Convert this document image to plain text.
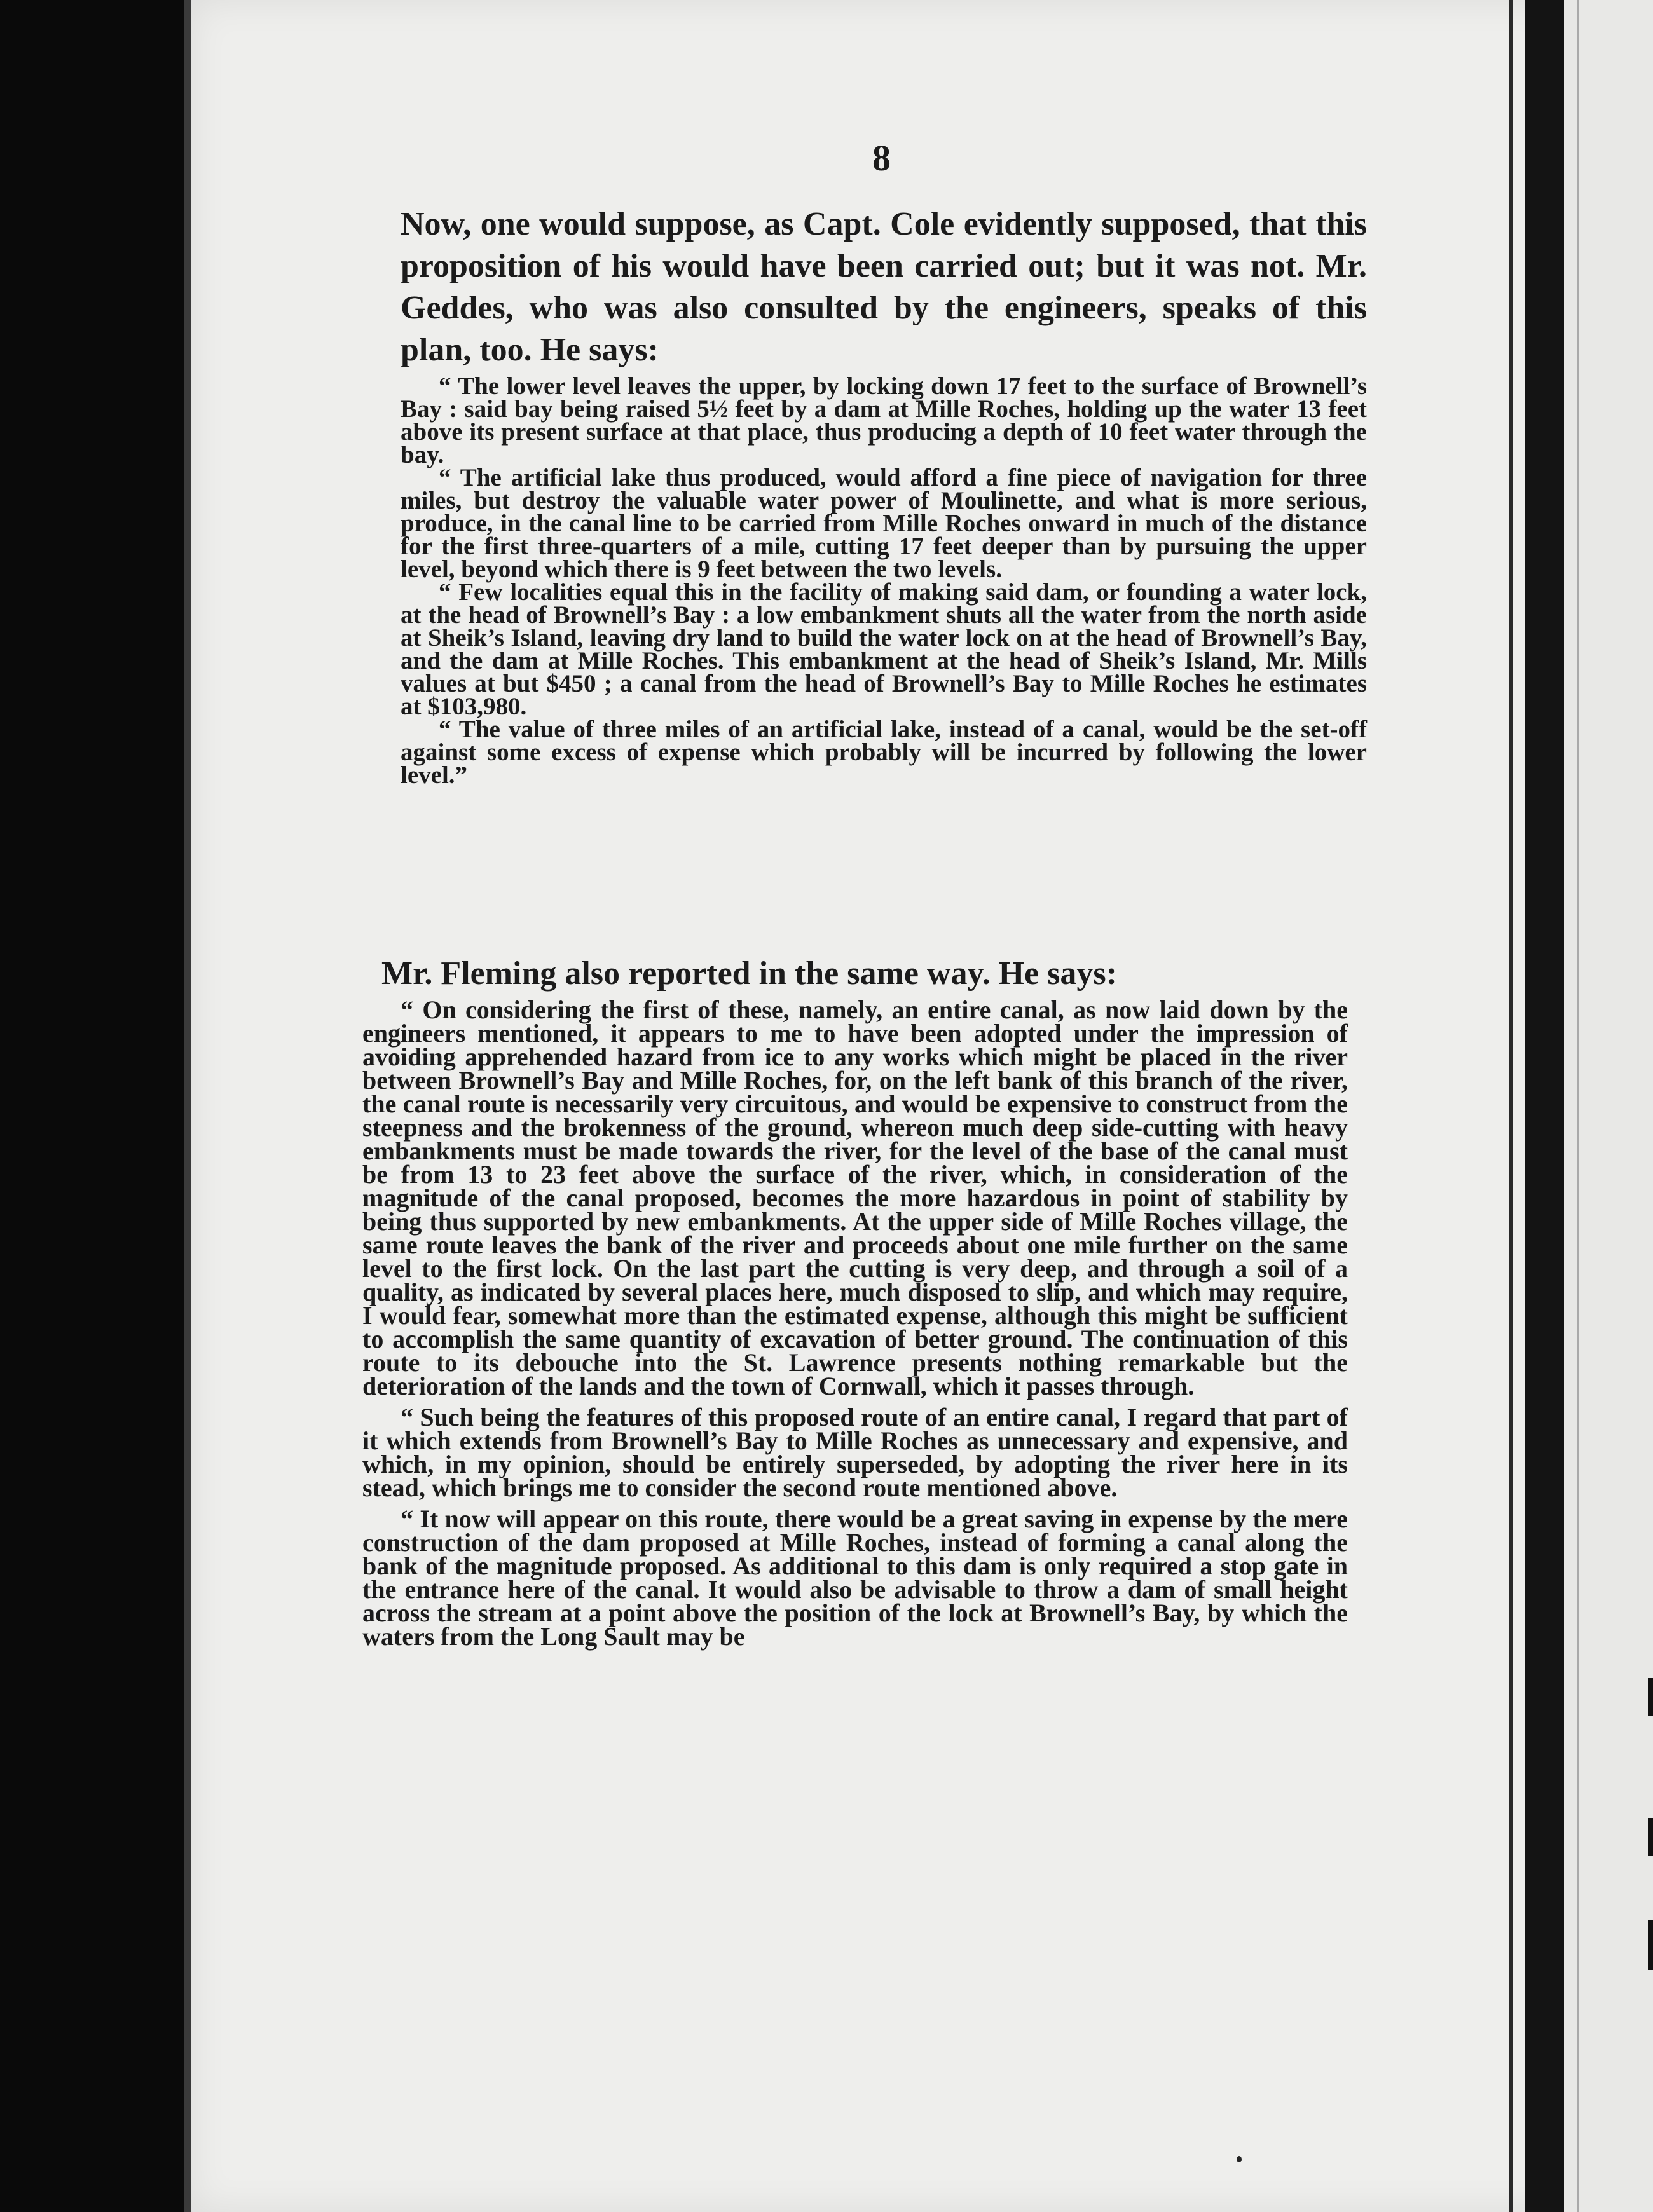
8
Now, one would suppose, as Capt. Cole evidently supposed, that this proposition of his would have been carried out; but it was not. Mr. Geddes, who was also consulted by the engineers, speaks of this plan, too. He says:

“ The lower level leaves the upper, by locking down 17 feet to the surface of Brownell’s Bay : said bay being raised 5½ feet by a dam at Mille Roches, holding up the water 13 feet above its present surface at that place, thus producing a depth of 10 feet water through the bay.

“ The artificial lake thus produced, would afford a fine piece of navigation for three miles, but destroy the valuable water power of Moulinette, and what is more serious, produce, in the canal line to be carried from Mille Roches onward in much of the distance for the first three-quarters of a mile, cutting 17 feet deeper than by pursuing the upper level, beyond which there is 9 feet between the two levels.

“ Few localities equal this in the facility of making said dam, or founding a water lock, at the head of Brownell’s Bay : a low embankment shuts all the water from the north aside at Sheik’s Island, leaving dry land to build the water lock on at the head of Brownell’s Bay, and the dam at Mille Roches. This embankment at the head of Sheik’s Island, Mr. Mills values at but $450 ; a canal from the head of Brownell’s Bay to Mille Roches he estimates at $103,980.

“ The value of three miles of an artificial lake, instead of a canal, would be the set-off against some excess of expense which probably will be incurred by following the lower level.”

Mr. Fleming also reported in the same way. He says:

“ On considering the first of these, namely, an entire canal, as now laid down by the engineers mentioned, it appears to me to have been adopted under the impression of avoiding apprehended hazard from ice to any works which might be placed in the river between Brownell’s Bay and Mille Roches, for, on the left bank of this branch of the river, the canal route is necessarily very circuitous, and would be expensive to construct from the steepness and the brokenness of the ground, whereon much deep side-cutting with heavy embankments must be made towards the river, for the level of the base of the canal must be from 13 to 23 feet above the surface of the river, which, in consideration of the magnitude of the canal proposed, becomes the more hazardous in point of stability by being thus supported by new embankments. At the upper side of Mille Roches village, the same route leaves the bank of the river and proceeds about one mile further on the same level to the first lock. On the last part the cutting is very deep, and through a soil of a quality, as indicated by several places here, much disposed to slip, and which may require, I would fear, somewhat more than the estimated expense, although this might be sufficient to accomplish the same quantity of excavation of better ground. The continuation of this route to its debouche into the St. Lawrence presents nothing remarkable but the deterioration of the lands and the town of Cornwall, which it passes through.

“ Such being the features of this proposed route of an entire canal, I regard that part of it which extends from Brownell’s Bay to Mille Roches as unnecessary and expensive, and which, in my opinion, should be entirely superseded, by adopting the river here in its stead, which brings me to consider the second route mentioned above.

“ It now will appear on this route, there would be a great saving in expense by the mere construction of the dam proposed at Mille Roches, instead of forming a canal along the bank of the magnitude proposed. As additional to this dam is only required a stop gate in the entrance here of the canal. It would also be advisable to throw a dam of small height across the stream at a point above the position of the lock at Brownell’s Bay, by which the waters from the Long Sault may be
